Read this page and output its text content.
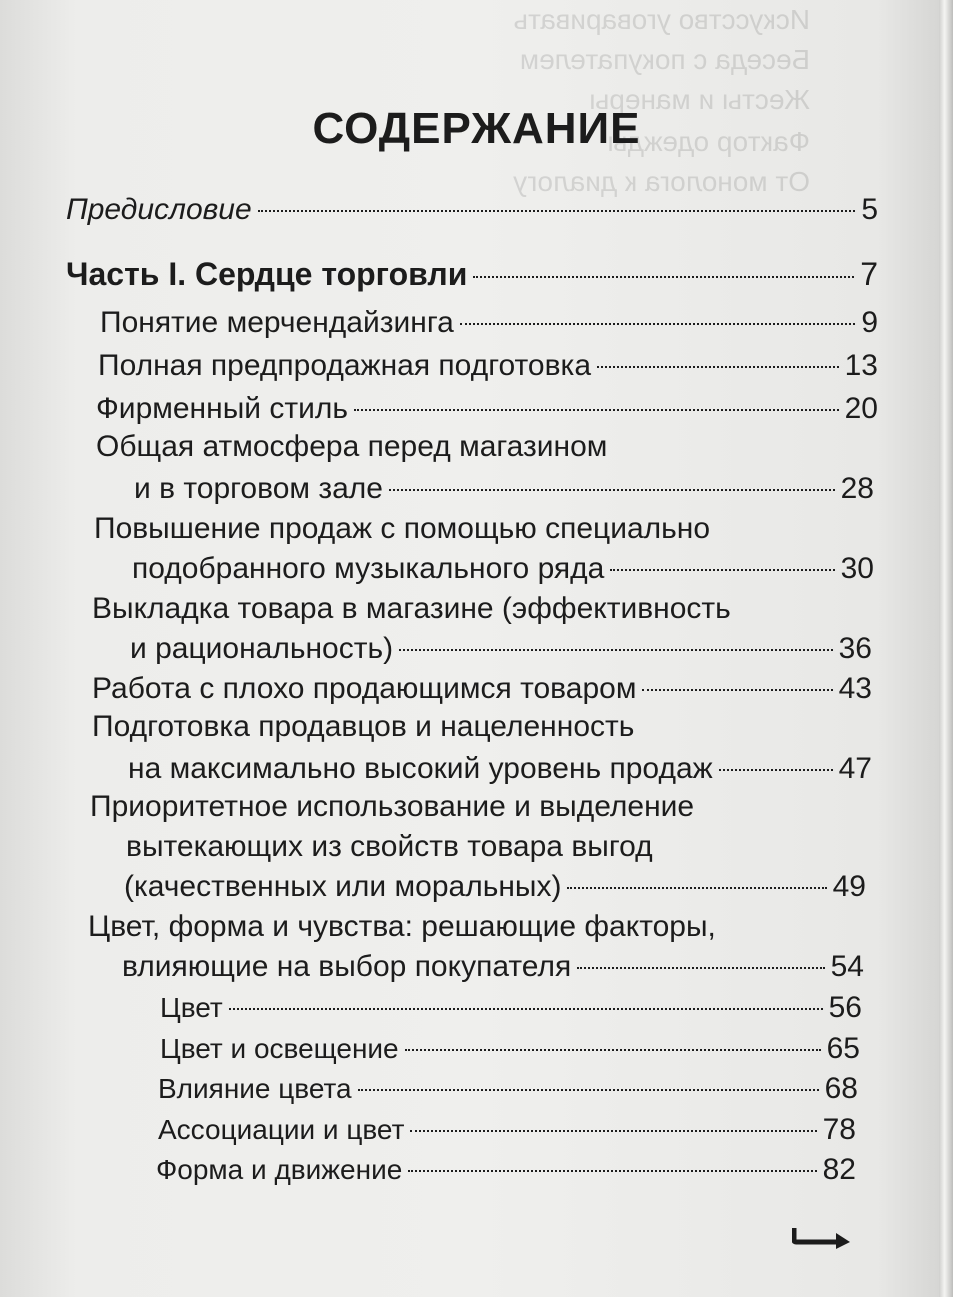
Искусство уговаривать
Беседа с покупателем
Жесты и манеры
Фактор одежды
От монолога к диалогу
СОДЕРЖАНИЕ
Предисловие	5
Часть I. Сердце торговли	7
Понятие мерчендайзинга	9
Полная предпродажная подготовка	13
Фирменный стиль	20
Общая атмосфера перед магазином
и в торговом зале	28
Повышение продаж с помощью специально
подобранного музыкального ряда	30
Выкладка товара в магазине (эффективность
и рациональность)	36
Работа с плохо продающимся товаром	43
Подготовка продавцов и нацеленность
на максимально высокий уровень продаж	47
Приоритетное использование и выделение
вытекающих из свойств товара выгод
(качественных или моральных)	49
Цвет, форма и чувства: решающие факторы,
влияющие на выбор покупателя	54
Цвет	56
Цвет и освещение	65
Влияние цвета	68
Ассоциации и цвет	78
Форма и движение	82
